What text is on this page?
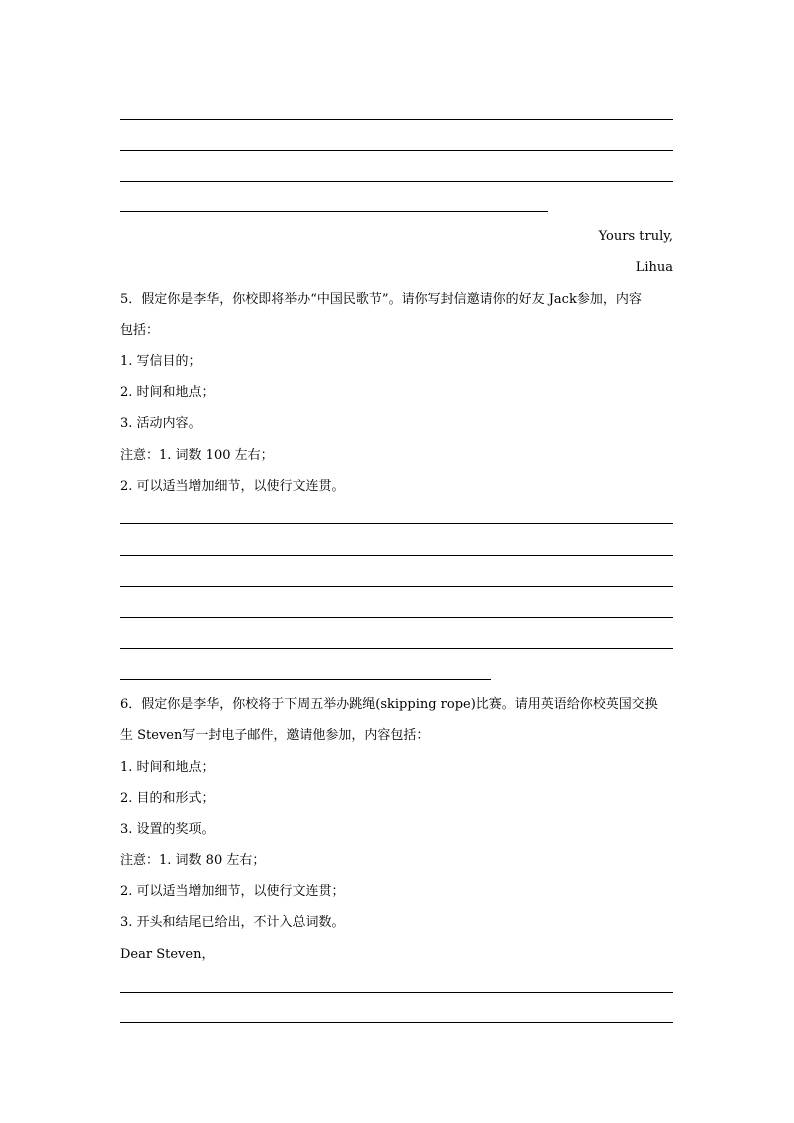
Yours truly,
Lihua
5．假定你是李华，你校即将举办“中国民歌节”。请你写封信邀请你的好友 Jack参加，内容
包括：
1. 写信目的；
2. 时间和地点；
3. 活动内容。
注意：1. 词数 100 左右；
2. 可以适当增加细节，以使行文连贯。
6．假定你是李华，你校将于下周五举办跳绳(skipping rope)比赛。请用英语给你校英国交换
生 Steven写一封电子邮件，邀请他参加，内容包括：
1. 时间和地点；
2. 目的和形式；
3. 设置的奖项。
注意：1. 词数 80 左右；
2. 可以适当增加细节，以使行文连贯；
3. 开头和结尾已给出，不计入总词数。
Dear Steven，
